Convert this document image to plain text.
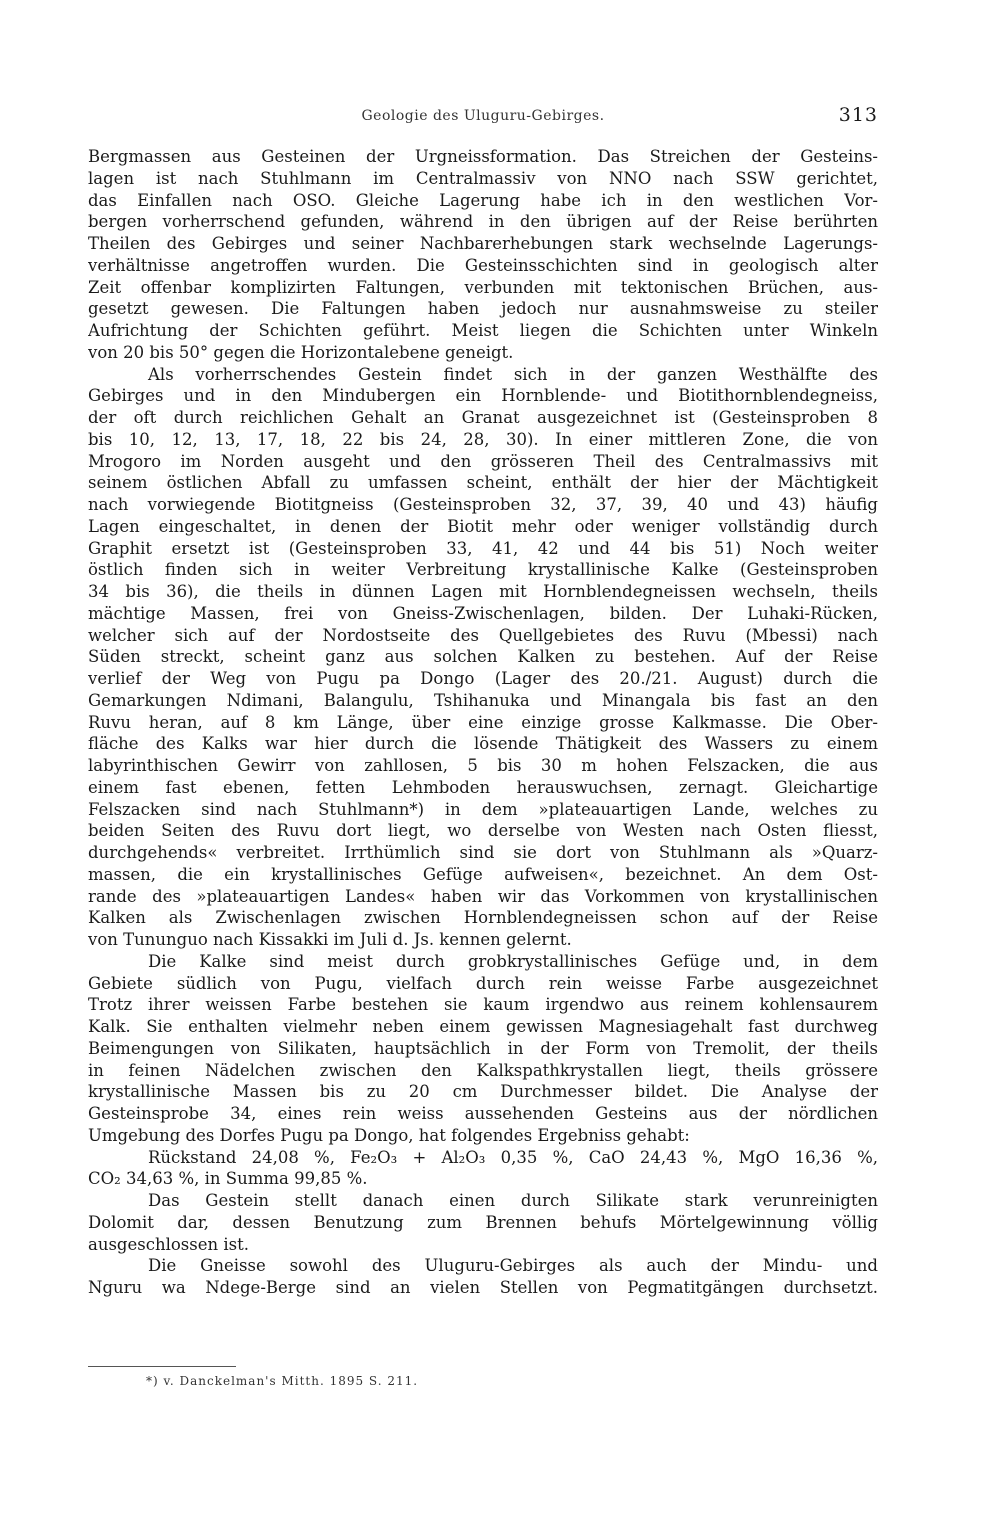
Geologie des Uluguru-Gebirges.	313
Bergmassen aus Gesteinen der Urgneissformation. Das Streichen der Gesteins-
lagen ist nach Stuhlmann im Centralmassiv von NNO nach SSW gerichtet,
das Einfallen nach OSO. Gleiche Lagerung habe ich in den westlichen Vor-
bergen vorherrschend gefunden, während in den übrigen auf der Reise berührten
Theilen des Gebirges und seiner Nachbarerhebungen stark wechselnde Lagerungs-
verhältnisse angetroffen wurden. Die Gesteinsschichten sind in geologisch alter
Zeit offenbar komplizirten Faltungen, verbunden mit tektonischen Brüchen, aus-
gesetzt gewesen. Die Faltungen haben jedoch nur ausnahmsweise zu steiler
Aufrichtung der Schichten geführt. Meist liegen die Schichten unter Winkeln
von 20 bis 50° gegen die Horizontalebene geneigt.
Als vorherrschendes Gestein findet sich in der ganzen Westhälfte des
Gebirges und in den Mindubergen ein Hornblende- und Biotithornblendegneiss,
der oft durch reichlichen Gehalt an Granat ausgezeichnet ist (Gesteinsproben 8
bis 10, 12, 13, 17, 18, 22 bis 24, 28, 30). In einer mittleren Zone, die von
Mrogoro im Norden ausgeht und den grösseren Theil des Centralmassivs mit
seinem östlichen Abfall zu umfassen scheint, enthält der hier der Mächtigkeit
nach vorwiegende Biotitgneiss (Gesteinsproben 32, 37, 39, 40 und 43) häufig
Lagen eingeschaltet, in denen der Biotit mehr oder weniger vollständig durch
Graphit ersetzt ist (Gesteinsproben 33, 41, 42 und 44 bis 51) Noch weiter
östlich finden sich in weiter Verbreitung krystallinische Kalke (Gesteinsproben
34 bis 36), die theils in dünnen Lagen mit Hornblendegneissen wechseln, theils
mächtige Massen, frei von Gneiss-Zwischenlagen, bilden. Der Luhaki-Rücken,
welcher sich auf der Nordostseite des Quellgebietes des Ruvu (Mbessi) nach
Süden streckt, scheint ganz aus solchen Kalken zu bestehen. Auf der Reise
verlief der Weg von Pugu pa Dongo (Lager des 20./21. August) durch die
Gemarkungen Ndimani, Balangulu, Tshihanuka und Minangala bis fast an den
Ruvu heran, auf 8 km Länge, über eine einzige grosse Kalkmasse. Die Ober-
fläche des Kalks war hier durch die lösende Thätigkeit des Wassers zu einem
labyrinthischen Gewirr von zahllosen, 5 bis 30 m hohen Felszacken, die aus
einem fast ebenen, fetten Lehmboden herauswuchsen, zernagt. Gleichartige
Felszacken sind nach Stuhlmann*) in dem »plateauartigen Lande, welches zu
beiden Seiten des Ruvu dort liegt, wo derselbe von Westen nach Osten fliesst,
durchgehends« verbreitet. Irrthümlich sind sie dort von Stuhlmann als »Quarz-
massen, die ein krystallinisches Gefüge aufweisen«, bezeichnet. An dem Ost-
rande des »plateauartigen Landes« haben wir das Vorkommen von krystallinischen
Kalken als Zwischenlagen zwischen Hornblendegneissen schon auf der Reise
von Tununguo nach Kissakki im Juli d. Js. kennen gelernt.
Die Kalke sind meist durch grobkrystallinisches Gefüge und, in dem
Gebiete südlich von Pugu, vielfach durch rein weisse Farbe ausgezeichnet
Trotz ihrer weissen Farbe bestehen sie kaum irgendwo aus reinem kohlensaurem
Kalk. Sie enthalten vielmehr neben einem gewissen Magnesiagehalt fast durchweg
Beimengungen von Silikaten, hauptsächlich in der Form von Tremolit, der theils
in feinen Nädelchen zwischen den Kalkspathkrystallen liegt, theils grössere
krystallinische Massen bis zu 20 cm Durchmesser bildet. Die Analyse der
Gesteinsprobe 34, eines rein weiss aussehenden Gesteins aus der nördlichen
Umgebung des Dorfes Pugu pa Dongo, hat folgendes Ergebniss gehabt:
Rückstand 24,08 %, Fe₂O₃ + Al₂O₃ 0,35 %, CaO 24,43 %, MgO 16,36 %,
CO₂ 34,63 %, in Summa 99,85 %.
Das Gestein stellt danach einen durch Silikate stark verunreinigten
Dolomit dar, dessen Benutzung zum Brennen behufs Mörtelgewinnung völlig
ausgeschlossen ist.
Die Gneisse sowohl des Uluguru-Gebirges als auch der Mindu- und
Nguru wa Ndege-Berge sind an vielen Stellen von Pegmatitgängen durchsetzt.
*) v. Danckelman's Mitth. 1895 S. 211.
